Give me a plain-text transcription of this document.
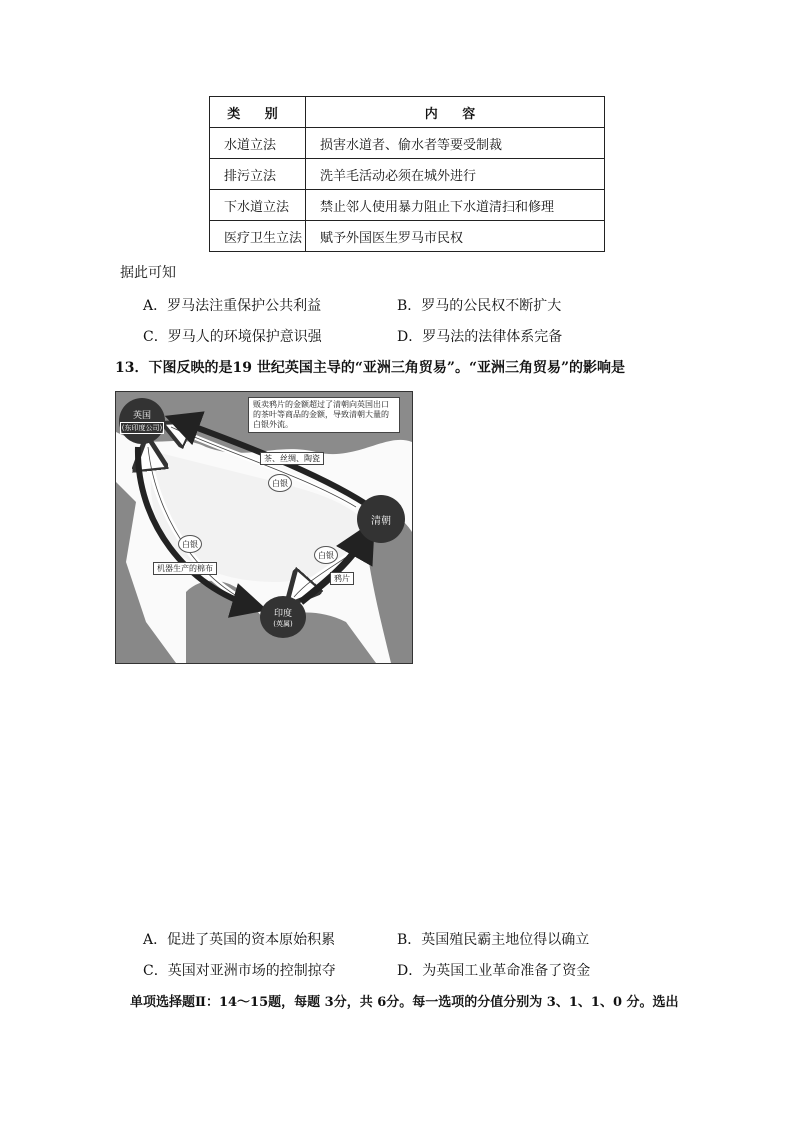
类 别	内 容
水道立法	损害水道者、偷水者等要受制裁
排污立法	洗羊毛活动必须在城外进行
下水道立法	禁止邻人使用暴力阻止下水道清扫和修理
医疗卫生立法	赋予外国医生罗马市民权
据此可知
A．罗马法注重保护公共利益	B．罗马的公民权不断扩大
C．罗马人的环境保护意识强	D．罗马法的法律体系完备
13．下图反映的是19 世纪英国主导的“亚洲三角贸易”。“亚洲三角贸易”的影响是
贩卖鸦片的金额超过了清朝向英国出口的茶叶等商品的金额，导致清朝大量的白银外流。
英国
(东印度公司)
清朝
印度
(英属)
茶、丝绸、陶瓷
白银
白银
白银
机器生产的棉布
鸦片
A．促进了英国的资本原始积累	B．英国殖民霸主地位得以确立
C．英国对亚洲市场的控制掠夺	D．为英国工业革命准备了资金
单项选择题Ⅱ：14～15题，每题 3分，共 6分。每一选项的分值分别为 3、1、1、0 分。选出
